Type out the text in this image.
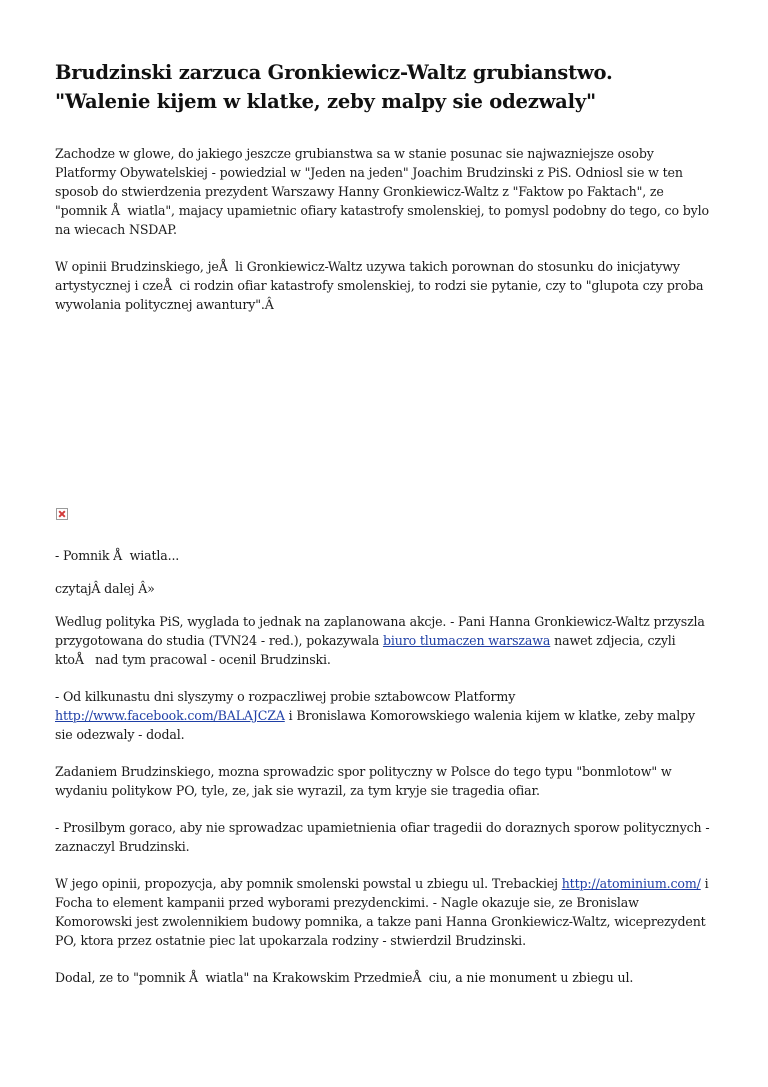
Brudzinski zarzuca Gronkiewicz-Waltz grubianstwo.
"Walenie kijem w klatke, zeby malpy sie odezwaly"

Zachodze w glowe, do jakiego jeszcze grubianstwa sa w stanie posunac sie najwazniejsze osoby Platformy Obywatelskiej - powiedzial w "Jeden na jeden" Joachim Brudzinski z PiS. Odniosl sie w ten sposob do stwierdzenia prezydent Warszawy Hanny Gronkiewicz-Waltz z "Faktow po Faktach", ze "pomnik Åwiatla", majacy upamietnic ofiary katastrofy smolenskiej, to pomysl podobny do tego, co bylo na wiecach NSDAP.

W opinii Brudzinskiego, jeÅli Gronkiewicz-Waltz uzywa takich porownan do stosunku do inicjatywy artystycznej i czeÅci rodzin ofiar katastrofy smolenskiej, to rodzi sie pytanie, czy to "glupota czy proba wywolania politycznej awantury".Â

- Pomnik Åwiatla...

czytajÂ dalej Â»

Wedlug polityka PiS, wyglada to jednak na zaplanowana akcje. - Pani Hanna Gronkiewicz-Waltz przyszla przygotowana do studia (TVN24 - red.), pokazywala biuro tlumaczen warszawa nawet zdjecia, czyli ktoÅ nad tym pracowal - ocenil Brudzinski.

- Od kilkunastu dni slyszymy o rozpaczliwej probie sztabowcow Platformy http://www.facebook.com/BALAJCZA i Bronislawa Komorowskiego walenia kijem w klatke, zeby malpy sie odezwaly - dodal.

Zadaniem Brudzinskiego, mozna sprowadzic spor polityczny w Polsce do tego typu "bonmlotow" w wydaniu politykow PO, tyle, ze, jak sie wyrazil, za tym kryje sie tragedia ofiar.

- Prosilbym goraco, aby nie sprowadzac upamietnienia ofiar tragedii do doraznych sporow politycznych - zaznaczyl Brudzinski.

W jego opinii, propozycja, aby pomnik smolenski powstal u zbiegu ul. Trebackiej http://atominium.com/ i Focha to element kampanii przed wyborami prezydenckimi. - Nagle okazuje sie, ze Bronislaw Komorowski jest zwolennikiem budowy pomnika, a takze pani Hanna Gronkiewicz-Waltz, wiceprezydent PO, ktora przez ostatnie piec lat upokarzala rodziny - stwierdzil Brudzinski.

Dodal, ze to "pomnik Åwiatla" na Krakowskim PrzedmieÅciu, a nie monument u zbiegu ul.
